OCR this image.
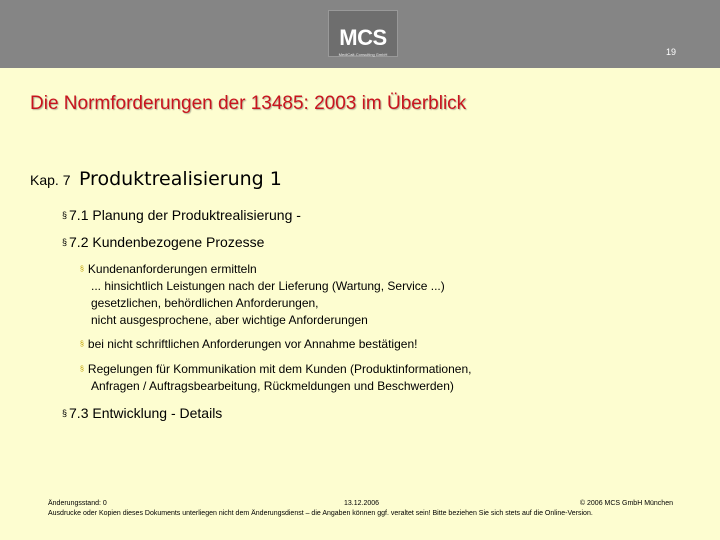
MCS
MediCalt-Consulting GmbH	19
Die Normforderungen der 13485: 2003 im Überblick
Kap. 7 Produktrealisierung 1
§ 7.1 Planung der Produktrealisierung -
§ 7.2 Kundenbezogene Prozesse
§ Kundenanforderungen ermitteln
... hinsichtlich Leistungen nach der Lieferung (Wartung, Service ...)
gesetzlichen, behördlichen Anforderungen,
nicht ausgesprochene, aber wichtige Anforderungen
§ bei nicht schriftlichen Anforderungen vor Annahme bestätigen!
§ Regelungen für Kommunikation mit dem Kunden (Produktinformationen,
Anfragen / Auftragsbearbeitung, Rückmeldungen und Beschwerden)
§ 7.3 Entwicklung - Details
Änderungsstand: 0	13.12.2006	© 2006 MCS GmbH München
Ausdrucke oder Kopien dieses Dokuments unterliegen nicht dem Änderungsdienst – die Angaben können ggf. veraltet sein! Bitte beziehen Sie sich stets auf die Online-Version.
